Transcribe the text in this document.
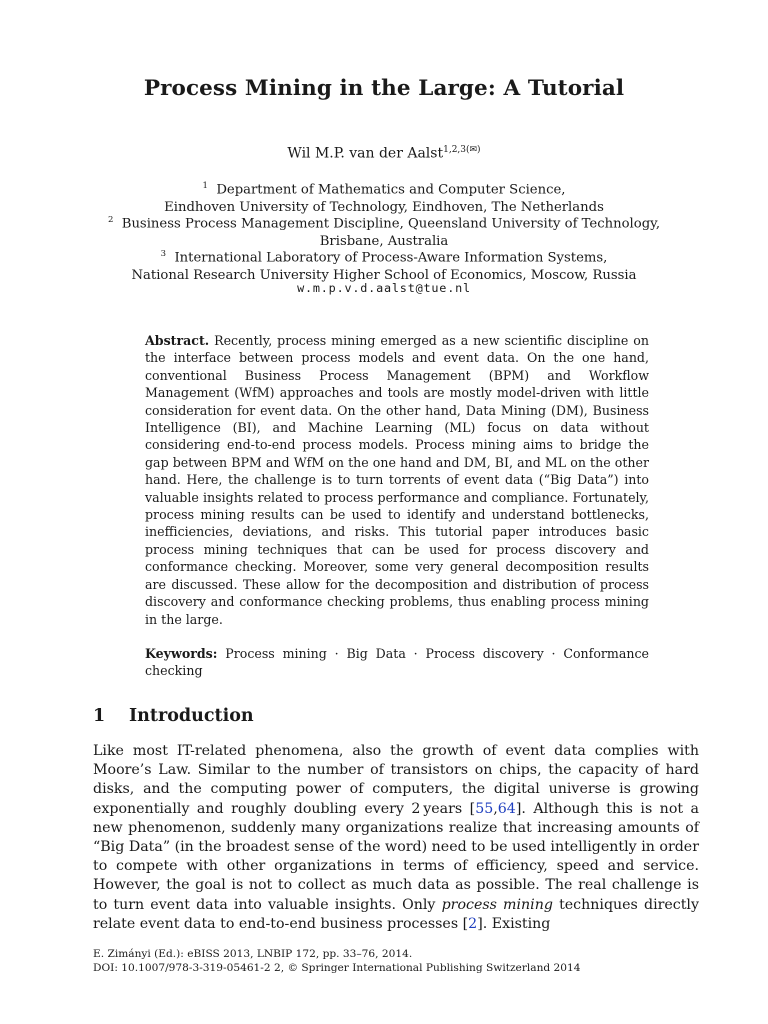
Process Mining in the Large: A Tutorial
Wil M.P. van der Aalst$^{1,2,3(✉)}$
$^1$ Department of Mathematics and Computer Science,
Eindhoven University of Technology, Eindhoven, The Netherlands
$^2$ Business Process Management Discipline, Queensland University of Technology,
Brisbane, Australia
$^3$ International Laboratory of Process-Aware Information Systems,
National Research University Higher School of Economics, Moscow, Russia
w.m.p.v.d.aalst@tue.nl
Abstract. Recently, process mining emerged as a new scientific discipline on the interface between process models and event data. On the one hand, conventional Business Process Management (BPM) and Workflow Management (WfM) approaches and tools are mostly model-driven with little consideration for event data. On the other hand, Data Mining (DM), Business Intelligence (BI), and Machine Learning (ML) focus on data without considering end-to-end process models. Process mining aims to bridge the gap between BPM and WfM on the one hand and DM, BI, and ML on the other hand. Here, the challenge is to turn torrents of event data (“Big Data”) into valuable insights related to process performance and compliance. Fortunately, process mining results can be used to identify and understand bottlenecks, inefficiencies, deviations, and risks. This tutorial paper introduces basic process mining techniques that can be used for process discovery and conformance checking. Moreover, some very general decomposition results are discussed. These allow for the decomposition and distribution of process discovery and conformance checking problems, thus enabling process mining in the large.
Keywords: Process mining · Big Data · Process discovery · Conformance checking
1 Introduction
Like most IT-related phenomena, also the growth of event data complies with Moore’s Law. Similar to the number of transistors on chips, the capacity of hard disks, and the computing power of computers, the digital universe is growing exponentially and roughly doubling every 2 years [55,64]. Although this is not a new phenomenon, suddenly many organizations realize that increasing amounts of “Big Data” (in the broadest sense of the word) need to be used intelligently in order to compete with other organizations in terms of efficiency, speed and service. However, the goal is not to collect as much data as possible. The real challenge is to turn event data into valuable insights. Only process mining techniques directly relate event data to end-to-end business processes [2]. Existing
E. Zimányi (Ed.): eBISS 2013, LNBIP 172, pp. 33–76, 2014.
DOI: 10.1007/978-3-319-05461-2 2, © Springer International Publishing Switzerland 2014
